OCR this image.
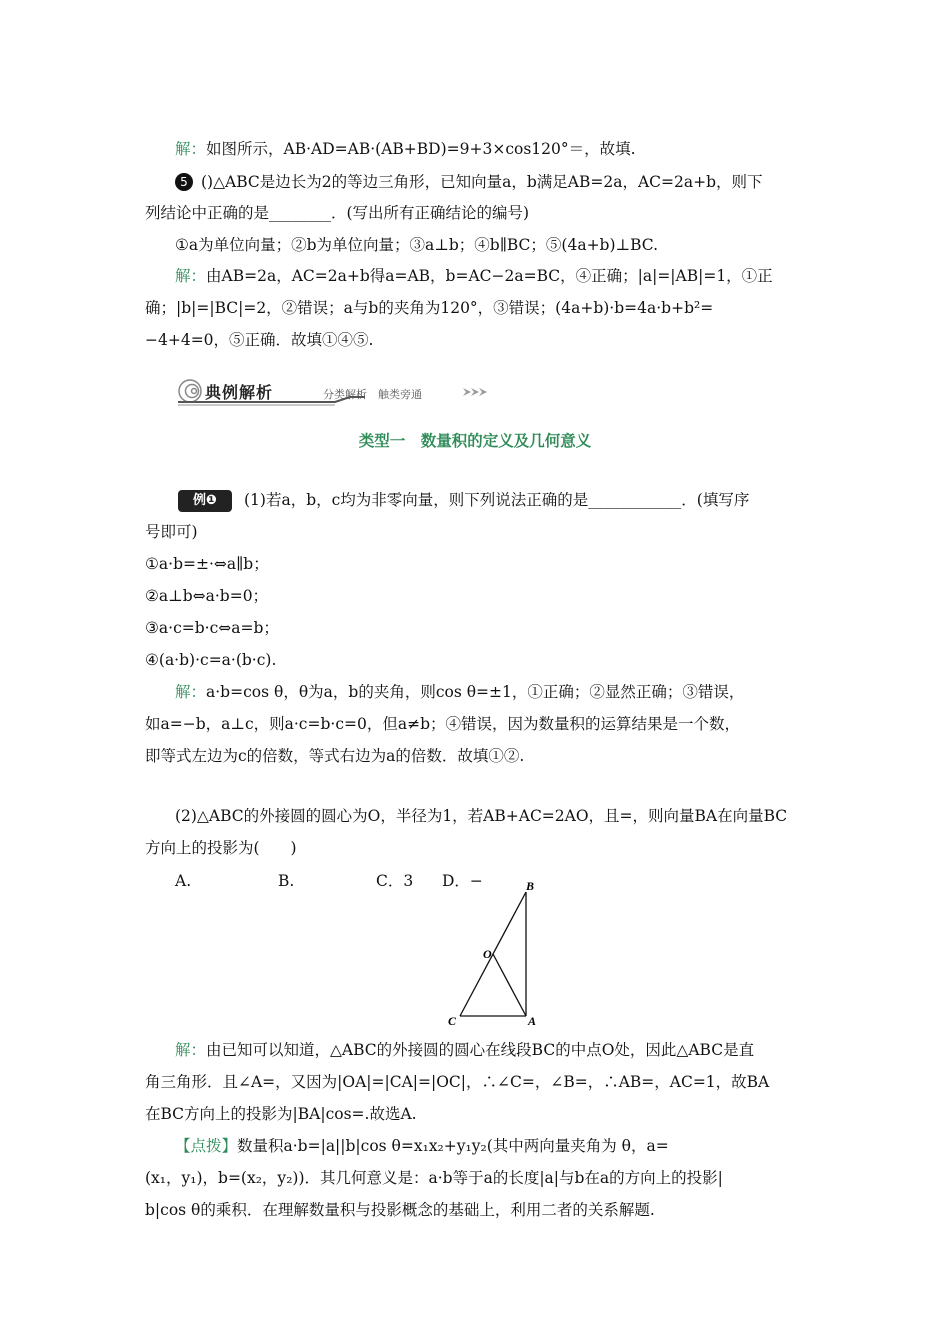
解：如图所示，AB·AD=AB·(AB+BD)=9+3×cos120°＝，故填.
5 ()△ABC是边长为2的等边三角形，已知向量a，b满足AB=2a，AC=2a+b，则下
列结论中正确的是________．(写出所有正确结论的编号)
①a为单位向量；②b为单位向量；③a⊥b；④b∥BC；⑤(4a+b)⊥BC.
解：由AB=2a，AC=2a+b得a=AB，b=AC−2a=BC，④正确；|a|=|AB|=1，①正
确；|b|=|BC|=2，②错误；a与b的夹角为120°，③错误；(4a+b)·b=4a·b+b²=
−4+4=0，⑤正确．故填①④⑤.
典例解析	分类解析　触类旁通
类型一　数量积的定义及几何意义
例❶ (1)若a，b，c均为非零向量，则下列说法正确的是____________．(填写序
号即可)
①a·b=±·⇔a∥b；
②a⊥b⇔a·b=0；
③a·c=b·c⇔a=b；
④(a·b)·c=a·(b·c).
解：a·b=cos θ，θ为a，b的夹角，则cos θ=±1，①正确；②显然正确；③错误，
如a=−b，a⊥c，则a·c=b·c=0，但a≠b；④错误，因为数量积的运算结果是一个数，
即等式左边为c的倍数，等式右边为a的倍数．故填①②.
(2)△ABC的外接圆的圆心为O，半径为1，若AB+AC=2AO，且=，则向量BA在向量BC
方向上的投影为(　　)
A.	B.	C．3 D．−	B
O
C	A
解：由已知可以知道，△ABC的外接圆的圆心在线段BC的中点O处，因此△ABC是直
角三角形．且∠A=，又因为|OA|=|CA|=|OC|，∴∠C=，∠B=，∴AB=，AC=1，故BA
在BC方向上的投影为|BA|cos=.故选A.
【点拨】数量积a·b=|a||b|cos θ=x₁x₂+y₁y₂(其中两向量夹角为 θ，a=
(x₁，y₁)，b=(x₂，y₂))．其几何意义是：a·b等于a的长度|a|与b在a的方向上的投影|
b|cos θ的乘积．在理解数量积与投影概念的基础上，利用二者的关系解题.
